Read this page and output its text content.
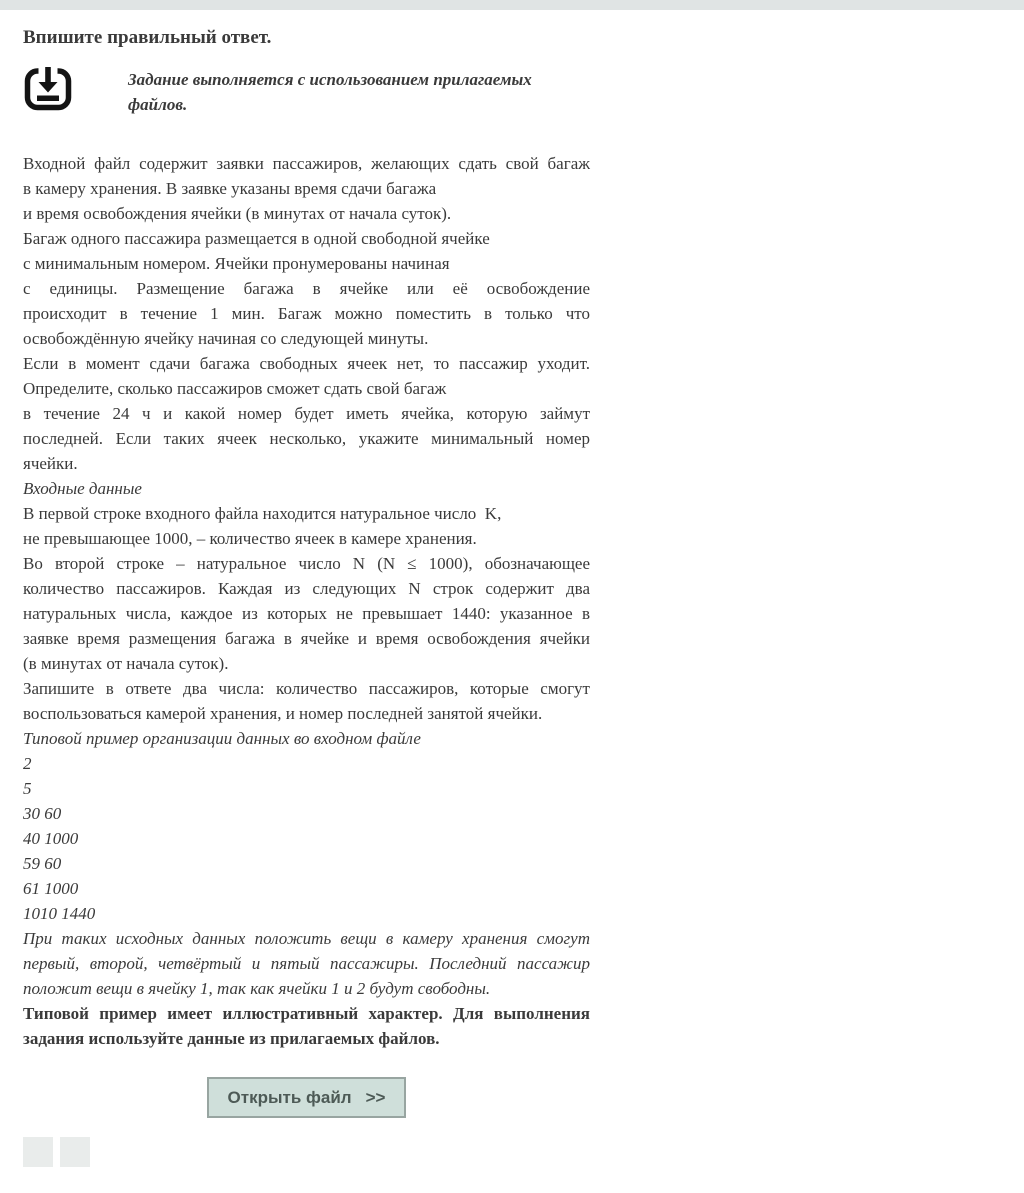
Впишите правильный ответ.

Задание выполняется с использованием прилагаемых файлов.

Входной файл содержит заявки пассажиров, желающих сдать свой багаж
в камеру хранения. В заявке указаны время сдачи багажа
и время освобождения ячейки (в минутах от начала суток).
Багаж одного пассажира размещается в одной свободной ячейке
с минимальным номером. Ячейки пронумерованы начиная
с единицы. Размещение багажа в ячейке или её освобождение
происходит в течение 1 мин. Багаж можно поместить в только что
освобождённую ячейку начиная со следующей минуты.
Если в момент сдачи багажа свободных ячеек нет, то пассажир уходит.
Определите, сколько пассажиров сможет сдать свой багаж
в течение 24 ч и какой номер будет иметь ячейка, которую займут
последней. Если таких ячеек несколько, укажите минимальный номер
ячейки.
Входные данные
В первой строке входного файла находится натуральное число  K,
не превышающее 1000, – количество ячеек в камере хранения.
Во второй строке – натуральное число N (N ≤ 1000), обозначающее
количество пассажиров. Каждая из следующих N строк содержит два
натуральных числа, каждое из которых не превышает 1440: указанное в
заявке время размещения багажа в ячейке и время освобождения ячейки
(в минутах от начала суток).
Запишите в ответе два числа: количество пассажиров, которые смогут
воспользоваться камерой хранения, и номер последней занятой ячейки.
Типовой пример организации данных во входном файле
2
5
30 60
40 1000
59 60
61 1000
1010 1440
При таких исходных данных положить вещи в камеру хранения смогут
первый, второй, четвёртый и пятый пассажиры. Последний пассажир
положит вещи в ячейку 1, так как ячейки 1 и 2 будут свободны.
Типовой пример имеет иллюстративный характер. Для выполнения
задания используйте данные из прилагаемых файлов.
Открыть файл >>
